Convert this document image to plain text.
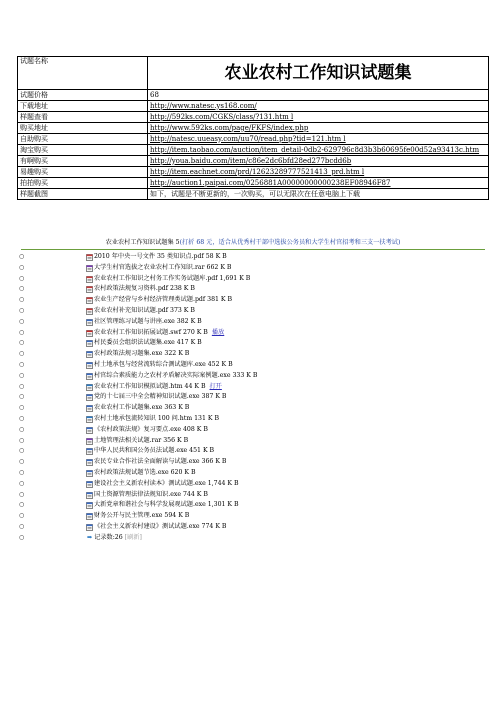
试题名称	农业农村工作知识试题集
试题价格	68
下载地址	http://www.natesc.ys168.com/
样题查看	http://592ks.com/CGKS/class/?131.htm l
购买地址	http://www.592ks.com/page/FKFS/index.php
自助购买	http://natesc.uueasy.com/uu70/read.php?tid=121.htm l
淘宝购买	http://item.taobao.com/auction/item_detail-0db2-629796c8d3b3b60695fe00d52a93413c.htm
有啊购买	http://youa.baidu.com/item/c86e2dc6bfd28ed277bcdd6b
易趣购买	http://item.eachnet.com/prd/12623289777521413_prd.htm l
拍拍购买	http://auction1.paipai.com/0256881A00000000000238EF08946F87
样题截图	如下，试题是不断更新的，一次购买，可以无限次在任意电脑上下载
农业农村工作知识试题集 5(打折 68 元，适合从优秀村干部中选拔公务员和大学生村官招考和三支一扶考试)
○	2010 年中央一号文件 35 类知识点.pdf 58 K B
○	大学生村官选拔之农业农村工作知识.rar 662 K B
○	农业农村工作知识之村务工作实务试题库.pdf 1,691 K B
○	农村政策法规复习资料.pdf 238 K B
○	农业生产经营与乡村经济管理类试题.pdf 381 K B
○	农业农村补充知识试题.pdf 373 K B
○	社区管理练习试题与讲座.exe 382 K B
○	农业农村工作知识拓展试题.swf 270 K B 播放
○	村民委员会组织法试题集.exe 417 K B
○	农村政策法规习题集.exe 322 K B
○	村土地承包与经营流转综合测试题库.exe 452 K B
○	村官综合素质能力之农村矛盾解决实际案例题.exe 333 K B
○	农业农村工作知识模拟试题.htm 44 K B 打开
○	党的十七届三中全会精神知识试题.exe 387 K B
○	农业农村工作试题集.exe 363 K B
○	农村土地承包流转知识 100 问.htm 131 K B
○	《农村政策法规》复习要点.exe 408 K B
○	土地管理法相关试题.rar 356 K B
○	中华人民共和国公务员法试题.exe 451 K B
○	农民专业合作社法全面解读与试题.exe 366 K B
○	农村政策法规试题节选.exe 620 K B
○	建设社会主义新农村读本》测试试题.exe 1,744 K B
○	国土资源管理法律法规知识.exe 744 K B
○	大新党章和谐社会与科学发展观试题.exe 1,301 K B
○	财务公开与民主管理.exe 594 K B
○	《社会主义新农村建设》测试试题.exe 774 K B
○	➡ 记录数:26 [刷新]
